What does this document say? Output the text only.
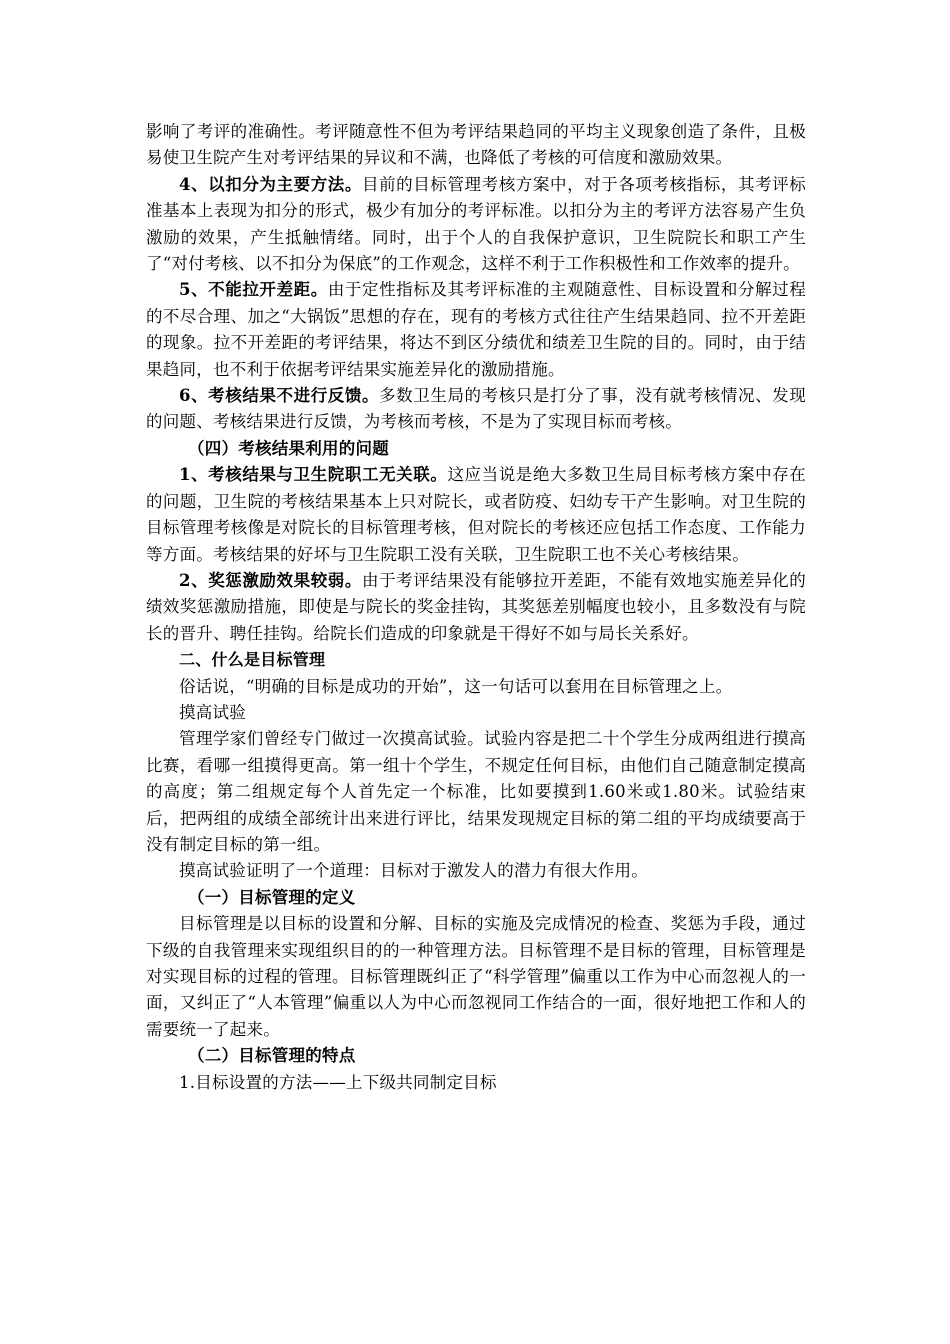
影响了考评的准确性。考评随意性不但为考评结果趋同的平均主义现象创造了条件，且极易使卫生院产生对考评结果的异议和不满，也降低了考核的可信度和激励效果。

4、以扣分为主要方法。目前的目标管理考核方案中，对于各项考核指标，其考评标准基本上表现为扣分的形式，极少有加分的考评标准。以扣分为主的考评方法容易产生负激励的效果，产生抵触情绪。同时，出于个人的自我保护意识，卫生院院长和职工产生了“对付考核、以不扣分为保底”的工作观念，这样不利于工作积极性和工作效率的提升。

5、不能拉开差距。由于定性指标及其考评标准的主观随意性、目标设置和分解过程的不尽合理、加之“大锅饭”思想的存在，现有的考核方式往往产生结果趋同、拉不开差距的现象。拉不开差距的考评结果，将达不到区分绩优和绩差卫生院的目的。同时，由于结果趋同，也不利于依据考评结果实施差异化的激励措施。

6、考核结果不进行反馈。多数卫生局的考核只是打分了事，没有就考核情况、发现的问题、考核结果进行反馈，为考核而考核，不是为了实现目标而考核。

（四）考核结果利用的问题

1、考核结果与卫生院职工无关联。这应当说是绝大多数卫生局目标考核方案中存在的问题，卫生院的考核结果基本上只对院长，或者防疫、妇幼专干产生影响。对卫生院的目标管理考核像是对院长的目标管理考核，但对院长的考核还应包括工作态度、工作能力等方面。考核结果的好坏与卫生院职工没有关联，卫生院职工也不关心考核结果。

2、奖惩激励效果较弱。由于考评结果没有能够拉开差距，不能有效地实施差异化的绩效奖惩激励措施，即使是与院长的奖金挂钩，其奖惩差别幅度也较小，且多数没有与院长的晋升、聘任挂钩。给院长们造成的印象就是干得好不如与局长关系好。

二、什么是目标管理

俗话说，“明确的目标是成功的开始”，这一句话可以套用在目标管理之上。

摸高试验

管理学家们曾经专门做过一次摸高试验。试验内容是把二十个学生分成两组进行摸高比赛，看哪一组摸得更高。第一组十个学生，不规定任何目标，由他们自己随意制定摸高的高度；第二组规定每个人首先定一个标准，比如要摸到1.60米或1.80米。试验结束后，把两组的成绩全部统计出来进行评比，结果发现规定目标的第二组的平均成绩要高于没有制定目标的第一组。

摸高试验证明了一个道理：目标对于激发人的潜力有很大作用。

（一）目标管理的定义

目标管理是以目标的设置和分解、目标的实施及完成情况的检查、奖惩为手段，通过下级的自我管理来实现组织目的的一种管理方法。目标管理不是目标的管理，目标管理是对实现目标的过程的管理。目标管理既纠正了“科学管理”偏重以工作为中心而忽视人的一面，又纠正了“人本管理”偏重以人为中心而忽视同工作结合的一面，很好地把工作和人的需要统一了起来。

（二）目标管理的特点

1.目标设置的方法——上下级共同制定目标
